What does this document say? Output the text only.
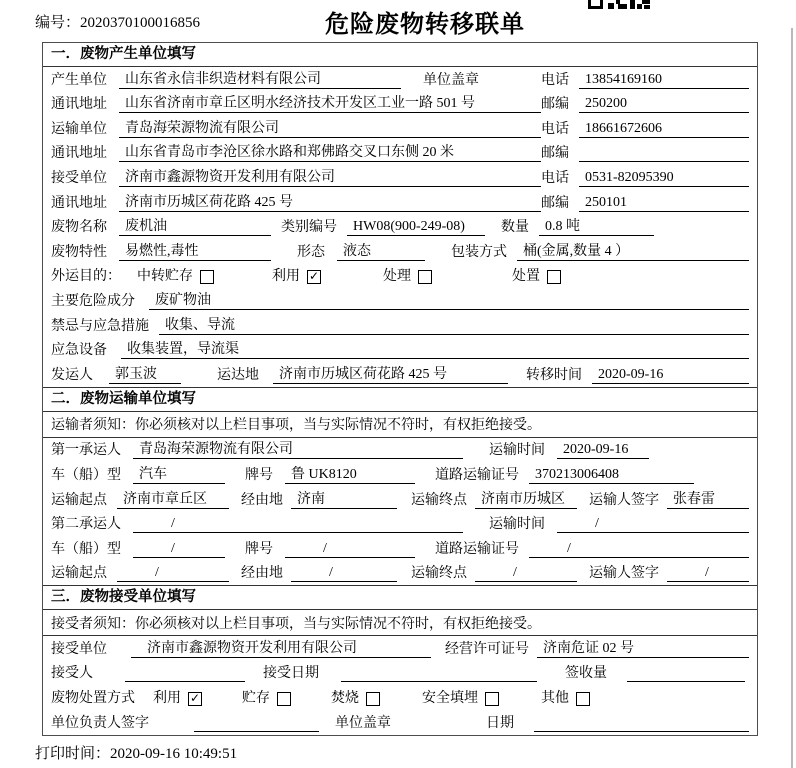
编号：2020370100016856	危险废物转移联单
一．废物产生单位填写
产生单位	山东省永信非织造材料有限公司	单位盖章	电话	13854169160
通讯地址	山东省济南市章丘区明水经济技术开发区工业一路 501 号	邮编	250200
运输单位	青岛海荣源物流有限公司	电话	18661672606
通讯地址	山东省青岛市李沧区徐水路和郑佛路交叉口东侧 20 米	邮编
接受单位	济南市鑫源物资开发利用有限公司	电话	0531-82095390
通讯地址	济南市历城区荷花路 425 号	邮编	250101
废物名称	废机油	类别编号	HW08(900-249-08)	数量	0.8 吨
废物特性	易燃性,毒性	形态	液态	包装方式	桶(金属,数量 4 ）
外运目的： 中转贮存	利用 ✓	处理	处置
主要危险成分	废矿物油
禁忌与应急措施	收集、导流
应急设备	收集装置，导流渠
发运人	郭玉波	运达地	济南市历城区荷花路 425 号	转移时间	2020-09-16
二．废物运输单位填写
运输者须知：你必须核对以上栏目事项，当与实际情况不符时，有权拒绝接受。
第一承运人	青岛海荣源物流有限公司	运输时间	2020-09-16
车（船）型	汽车	牌号	鲁 UK8120	道路运输证号	370213006408
运输起点	济南市章丘区	经由地	济南	运输终点	济南市历城区	运输人签字	张春雷
第二承运人	/	运输时间	/
车（船）型	/	牌号	/	道路运输证号	/
运输起点	/	经由地	/	运输终点	/	运输人签字	/
三．废物接受单位填写
接受者须知：你必须核对以上栏目事项，当与实际情况不符时，有权拒绝接受。
接受单位	济南市鑫源物资开发利用有限公司	经营许可证号	济南危证 02 号
接受人	接受日期	签收量
废物处置方式 利用 ✓	贮存	焚烧	安全填埋	其他
单位负责人签字	单位盖章	日期
打印时间：2020-09-16 10:49:51
